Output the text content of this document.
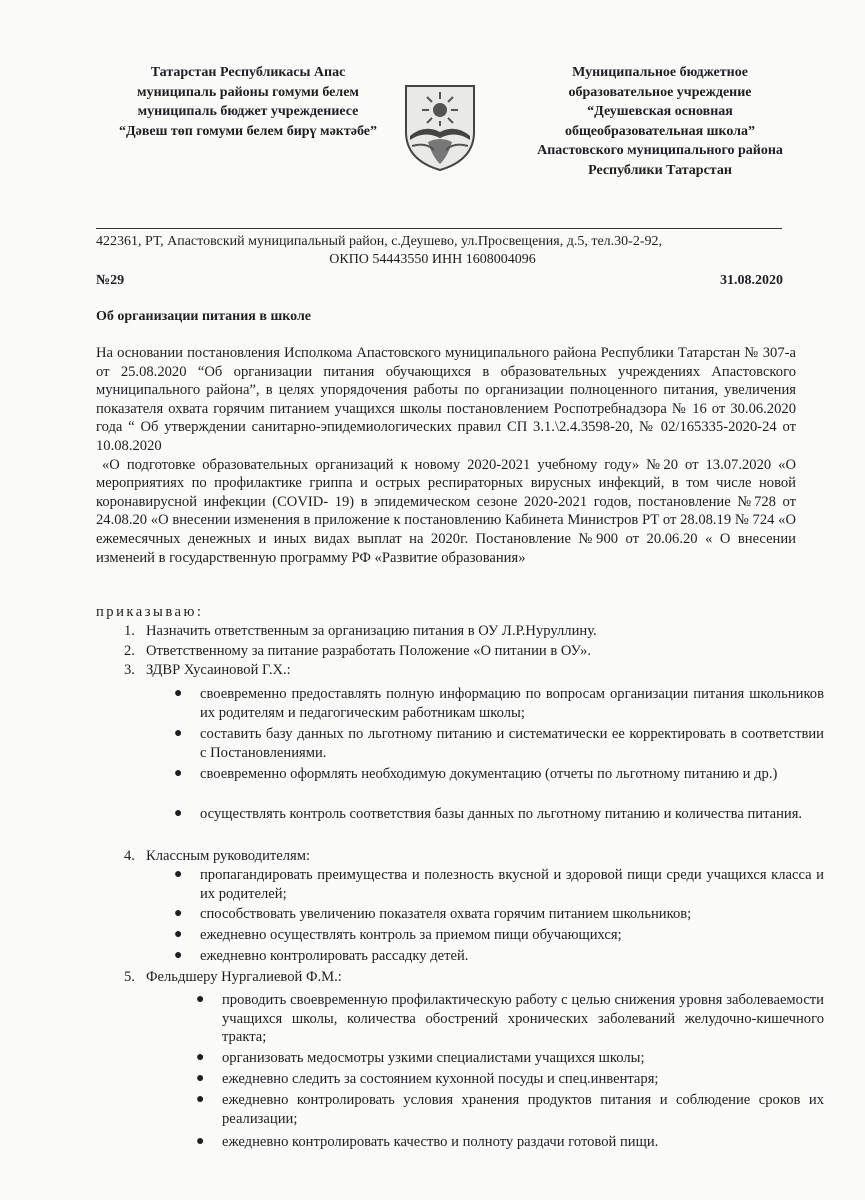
Татарстан Республикасы Апас
муниципаль районы гомуми белем
муниципаль бюджет учреждениесе
“Дәвеш төп гомуми белем бирү мәктәбе”
Муниципальное бюджетное
образовательное учреждение
“Деушевская основная
общеобразовательная школа”
Апастовского муниципального района
Республики Татарстан
422361, РТ, Апастовский муниципальный район, с.Деушево, ул.Просвещения, д.5, тел.30-2-92,
ОКПО 54443550 ИНН 1608004096
№29	31.08.2020
Об организации питания в школе

На основании постановления Исполкома Апастовского муниципального района Республики Татарстан № 307-а от 25.08.2020 “Об организации питания обучающихся в образовательных учреждениях Апастовского муниципального района”, в целях упорядочения работы по организации полноценного питания, увеличения показателя охвата горячим питанием учащихся школы постановлением Роспотребнадзора № 16 от 30.06.2020 года “ Об утверждении санитарно-эпидемиологических правил СП 3.1.\2.4.3598-20, № 02/165335-2020-24 от 10.08.2020

«О подготовке образовательных организаций к новому 2020-2021 учебному году» №20 от 13.07.2020 «О мероприятиях по профилактике гриппа и острых респираторных вирусных инфекций, в том числе новой коронавирусной инфекции (COVID- 19) в эпидемическом сезоне 2020-2021 годов, постановление №728 от 24.08.20 «О внесении изменения в приложение к постановлению Кабинета Министров РТ от 28.08.19 № 724 «О ежемесячных денежных и иных видах выплат на 2020г. Постановление №900 от 20.06.20 « О внесении изменеий в государственную программу РФ «Развитие образования»

приказываю:
1. Назначить ответственным за организацию питания в ОУ Л.Р.Нуруллину.
2. Ответственному за питание разработать Положение «О питании в ОУ».
3. ЗДВР Хусаиновой Г.Х.:
● своевременно предоставлять полную информацию по вопросам организации питания школьников их родителям и педагогическим работникам школы;
● составить базу данных по льготному питанию и систематически ее корректировать в соответствии с Постановлениями.
● своевременно оформлять необходимую документацию (отчеты по льготному питанию и др.)
● осуществлять контроль соответствия базы данных по льготному питанию и количества питания.
4. Классным руководителям:
● пропагандировать преимущества и полезность вкусной и здоровой пищи среди учащихся класса и их родителей;
● способствовать увеличению показателя охвата горячим питанием школьников;
● ежедневно осуществлять контроль за приемом пищи обучающихся;
● ежедневно контролировать рассадку детей.
5. Фельдшеру Нургалиевой Ф.М.:
● проводить своевременную профилактическую работу с целью снижения уровня заболеваемости учащихся школы, количества обострений хронических заболеваний желудочно-кишечного тракта;
● организовать медосмотры узкими специалистами учащихся школы;
● ежедневно следить за состоянием кухонной посуды и спец.инвентаря;
● ежедневно контролировать условия хранения продуктов питания и соблюдение сроков их реализации;
● ежедневно контролировать качество и полноту раздачи готовой пищи.
